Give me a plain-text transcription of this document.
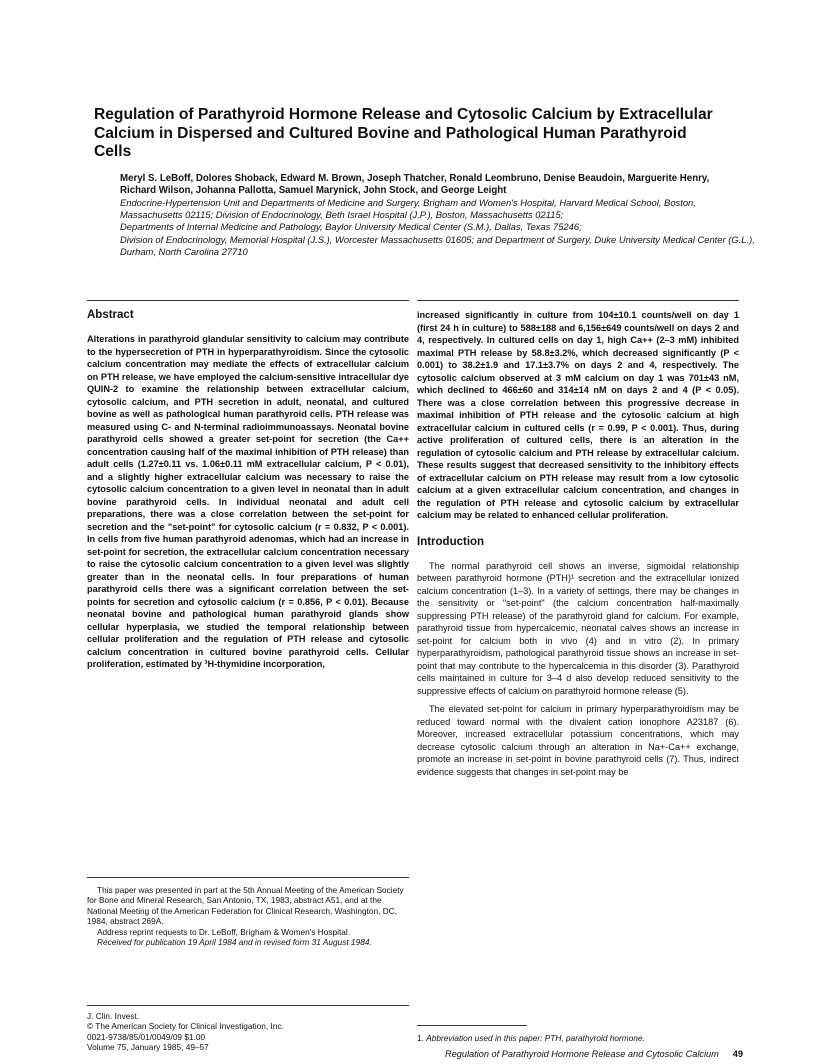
Regulation of Parathyroid Hormone Release and Cytosolic Calcium by Extracellular Calcium in Dispersed and Cultured Bovine and Pathological Human Parathyroid Cells

Meryl S. LeBoff, Dolores Shoback, Edward M. Brown, Joseph Thatcher, Ronald Leombruno, Denise Beaudoin, Marguerite Henry, Richard Wilson, Johanna Pallotta, Samuel Marynick, John Stock, and George Leight

Endocrine-Hypertension Unit and Departments of Medicine and Surgery, Brigham and Women's Hospital, Harvard Medical School, Boston, Massachusetts 02115; Division of Endocrinology, Beth Israel Hospital (J.P.), Boston, Massachusetts 02115;
Departments of Internal Medicine and Pathology, Baylor University Medical Center (S.M.), Dallas, Texas 75246;
Division of Endocrinology, Memorial Hospital (J.S.), Worcester Massachusetts 01605; and Department of Surgery, Duke University Medical Center (G.L.), Durham, North Carolina 27710
Abstract

Alterations in parathyroid glandular sensitivity to calcium may contribute to the hypersecretion of PTH in hyperparathyroidism. Since the cytosolic calcium concentration may mediate the effects of extracellular calcium on PTH release, we have employed the calcium-sensitive intracellular dye QUIN-2 to examine the relationship between extracellular calcium, cytosolic calcium, and PTH secretion in adult, neonatal, and cultured bovine as well as pathological human parathyroid cells. PTH release was measured using C- and N-terminal radioimmunoassays. Neonatal bovine parathyroid cells showed a greater set-point for secretion (the Ca++ concentration causing half of the maximal inhibition of PTH release) than adult cells (1.27±0.11 vs. 1.06±0.11 mM extracellular calcium, P < 0.01), and a slightly higher extracellular calcium was necessary to raise the cytosolic calcium concentration to a given level in neonatal than in adult bovine parathyroid cells. In individual neonatal and adult cell preparations, there was a close correlation between the set-point for secretion and the "set-point" for cytosolic calcium (r = 0.832, P < 0.001). In cells from five human parathyroid adenomas, which had an increase in set-point for secretion, the extracellular calcium concentration necessary to raise the cytosolic calcium concentration to a given level was slightly greater than in the neonatal cells. In four preparations of human parathyroid cells there was a significant correlation between the set-points for secretion and cytosolic calcium (r = 0.856, P < 0.01). Because neonatal bovine and pathological human parathyroid glands show cellular hyperplasia, we studied the temporal relationship between cellular proliferation and the regulation of PTH release and cytosolic calcium concentration in cultured bovine parathyroid cells. Cellular proliferation, estimated by ³H-thymidine incorporation,

increased significantly in culture from 104±10.1 counts/well on day 1 (first 24 h in culture) to 588±188 and 6,156±649 counts/well on days 2 and 4, respectively. In cultured cells on day 1, high Ca++ (2–3 mM) inhibited maximal PTH release by 58.8±3.2%, which decreased significantly (P < 0.001) to 38.2±1.9 and 17.1±3.7% on days 2 and 4, respectively. The cytosolic calcium observed at 3 mM calcium on day 1 was 701±43 nM, which declined to 466±60 and 314±14 nM on days 2 and 4 (P < 0.05). There was a close correlation between this progressive decrease in maximal inhibition of PTH release and the cytosolic calcium at high extracellular calcium in cultured cells (r = 0.99, P < 0.001). Thus, during active proliferation of cultured cells, there is an alteration in the regulation of cytosolic calcium and PTH release by extracellular calcium. These results suggest that decreased sensitivity to the inhibitory effects of extracellular calcium on PTH release may result from a low cytosolic calcium at a given extracellular calcium concentration, and changes in the regulation of PTH release and cytosolic calcium by extracellular calcium may be related to enhanced cellular proliferation.

Introduction

The normal parathyroid cell shows an inverse, sigmoidal relationship between parathyroid hormone (PTH)¹ secretion and the extracellular ionized calcium concentration (1–3). In a variety of settings, there may be changes in the sensitivity or "set-point" (the calcium concentration half-maximally suppressing PTH release) of the parathyroid gland for calcium. For example, parathyroid tissue from hypercalcemic, neonatal calves shows an increase in set-point for calcium both in vivo (4) and in vitro (2). In primary hyperparathyroidism, pathological parathyroid tissue shows an increase in set-point that may contribute to the hypercalcemia in this disorder (3). Parathyroid cells maintained in culture for 3–4 d also develop reduced sensitivity to the suppressive effects of calcium on parathyroid hormone release (5).

The elevated set-point for calcium in primary hyperparathyroidism may be reduced toward normal with the divalent cation ionophore A23187 (6). Moreover, increased extracellular potassium concentrations, which may decrease cytosolic calcium through an alteration in Na+-Ca++ exchange, promote an increase in set-point in bovine parathyroid cells (7). Thus, indirect evidence suggests that changes in set-point may be

This paper was presented in part at the 5th Annual Meeting of the American Society for Bone and Mineral Research, San Antonio, TX, 1983, abstract A51, and at the National Meeting of the American Federation for Clinical Research, Washington, DC, 1984, abstract 269A.

Address reprint requests to Dr. LeBoff, Brigham & Women's Hospital.

Received for publication 19 April 1984 and in revised form 31 August 1984.

J. Clin. Invest.
© The American Society for Clinical Investigation, Inc.
0021-9738/85/01/0049/09 $1.00
Volume 75, January 1985, 49–57

1. Abbreviation used in this paper: PTH, parathyroid hormone.

Regulation of Parathyroid Hormone Release and Cytosolic Calcium 49
